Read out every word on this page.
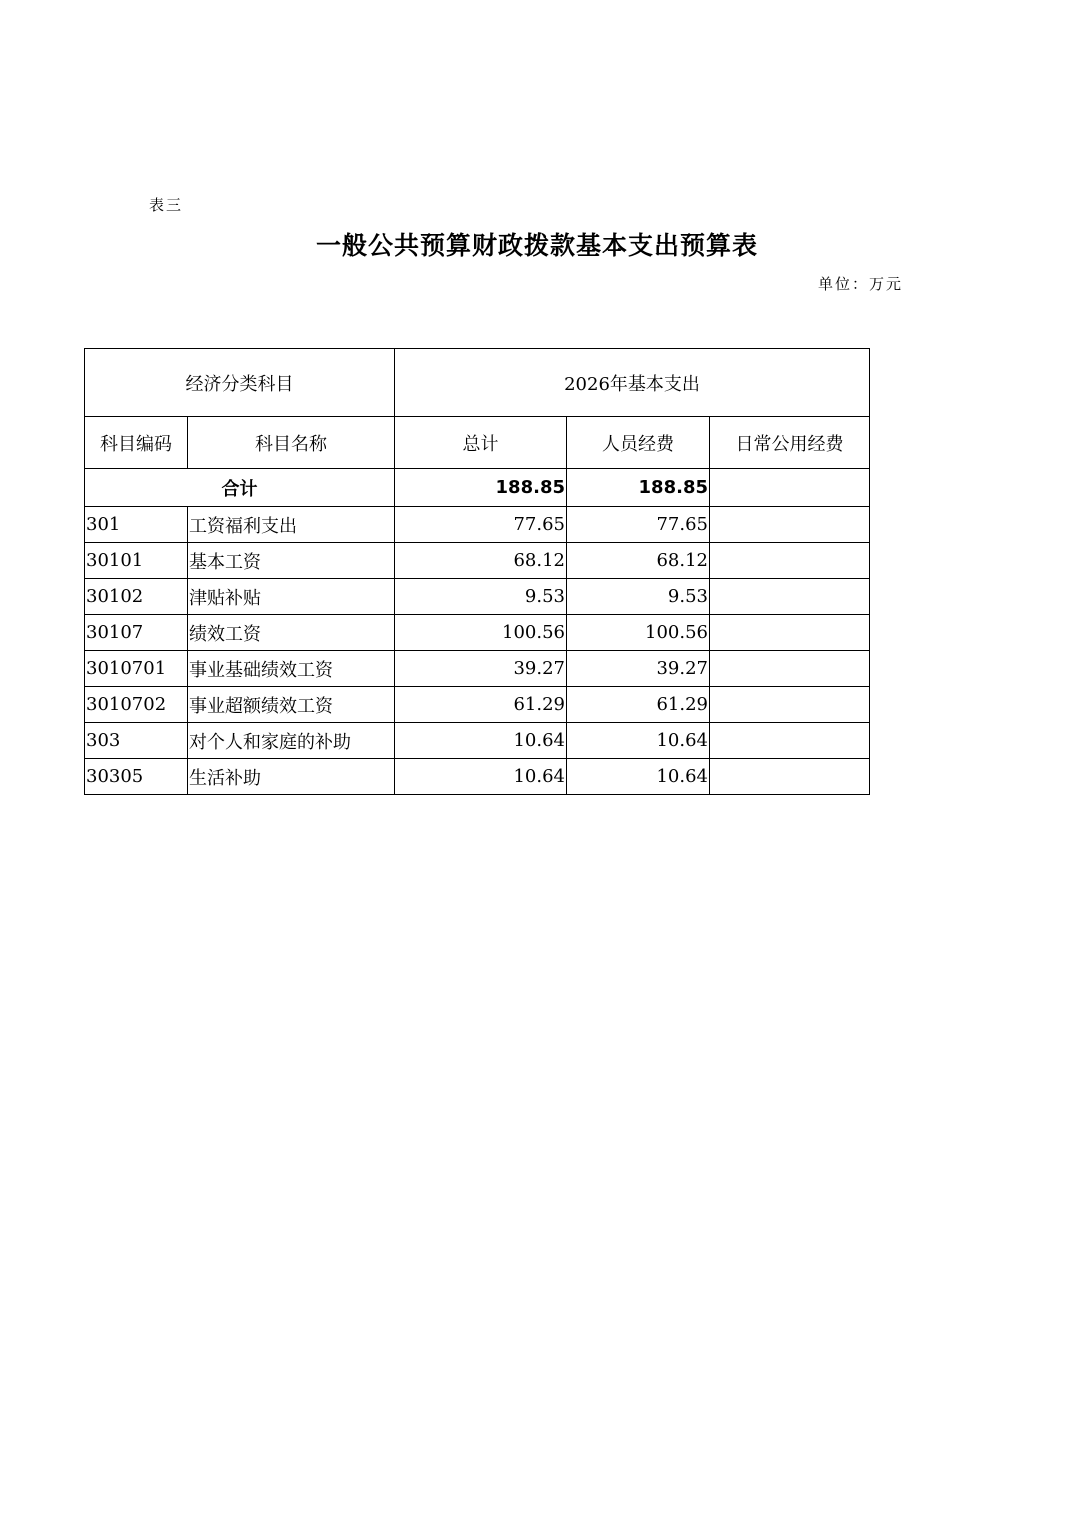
表三
一般公共预算财政拨款基本支出预算表
单位：万元
经济分类科目		2026年基本支出		
科目编码	科目名称	总计	人员经费	日常公用经费
合计		188.85	188.85	
301	工资福利支出	77.65	77.65	
30101	基本工资	68.12	68.12	
30102	津贴补贴	9.53	9.53	
30107	绩效工资	100.56	100.56	
3010701	事业基础绩效工资	39.27	39.27	
3010702	事业超额绩效工资	61.29	61.29	
303	对个人和家庭的补助	10.64	10.64	
30305	生活补助	10.64	10.64	
